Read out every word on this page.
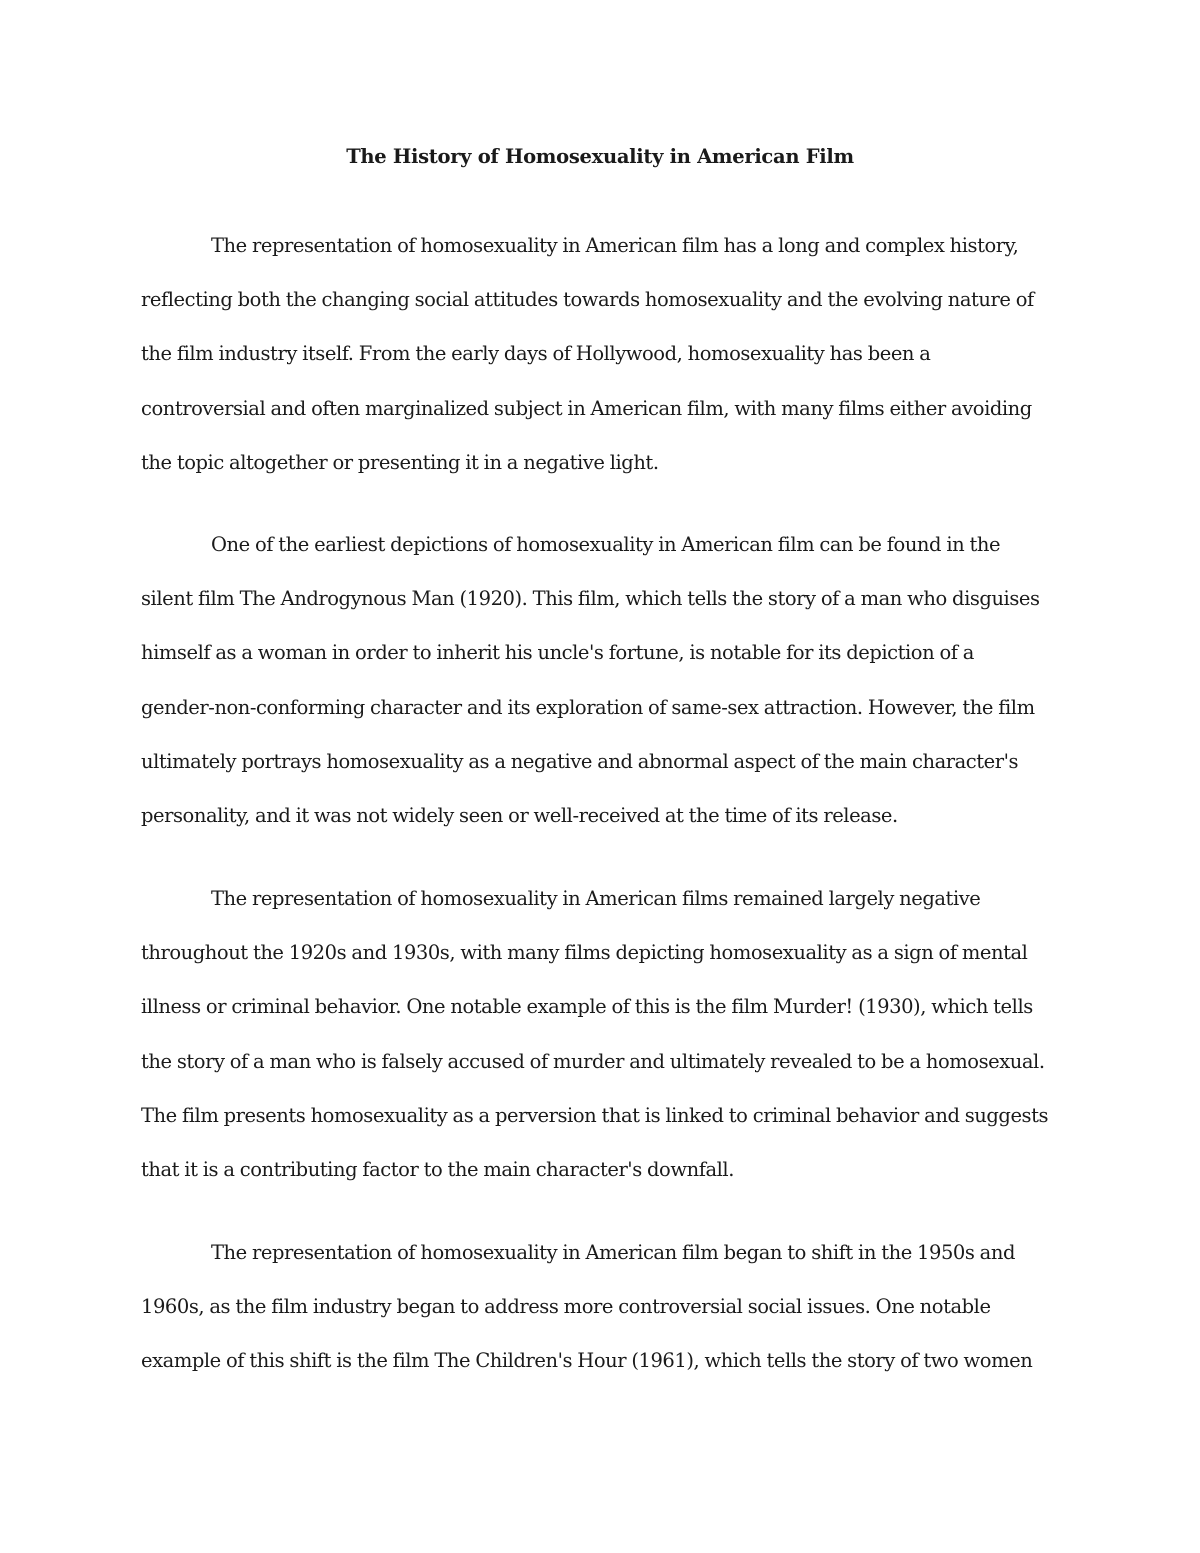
The History of Homosexuality in American Film

The representation of homosexuality in American film has a long and complex history,
reflecting both the changing social attitudes towards homosexuality and the evolving nature of
the film industry itself. From the early days of Hollywood, homosexuality has been a
controversial and often marginalized subject in American film, with many films either avoiding
the topic altogether or presenting it in a negative light.

One of the earliest depictions of homosexuality in American film can be found in the
silent film The Androgynous Man (1920). This film, which tells the story of a man who disguises
himself as a woman in order to inherit his uncle's fortune, is notable for its depiction of a
gender-non-conforming character and its exploration of same-sex attraction. However, the film
ultimately portrays homosexuality as a negative and abnormal aspect of the main character's
personality, and it was not widely seen or well-received at the time of its release.

The representation of homosexuality in American films remained largely negative
throughout the 1920s and 1930s, with many films depicting homosexuality as a sign of mental
illness or criminal behavior. One notable example of this is the film Murder! (1930), which tells
the story of a man who is falsely accused of murder and ultimately revealed to be a homosexual.
The film presents homosexuality as a perversion that is linked to criminal behavior and suggests
that it is a contributing factor to the main character's downfall.

The representation of homosexuality in American film began to shift in the 1950s and
1960s, as the film industry began to address more controversial social issues. One notable
example of this shift is the film The Children's Hour (1961), which tells the story of two women
